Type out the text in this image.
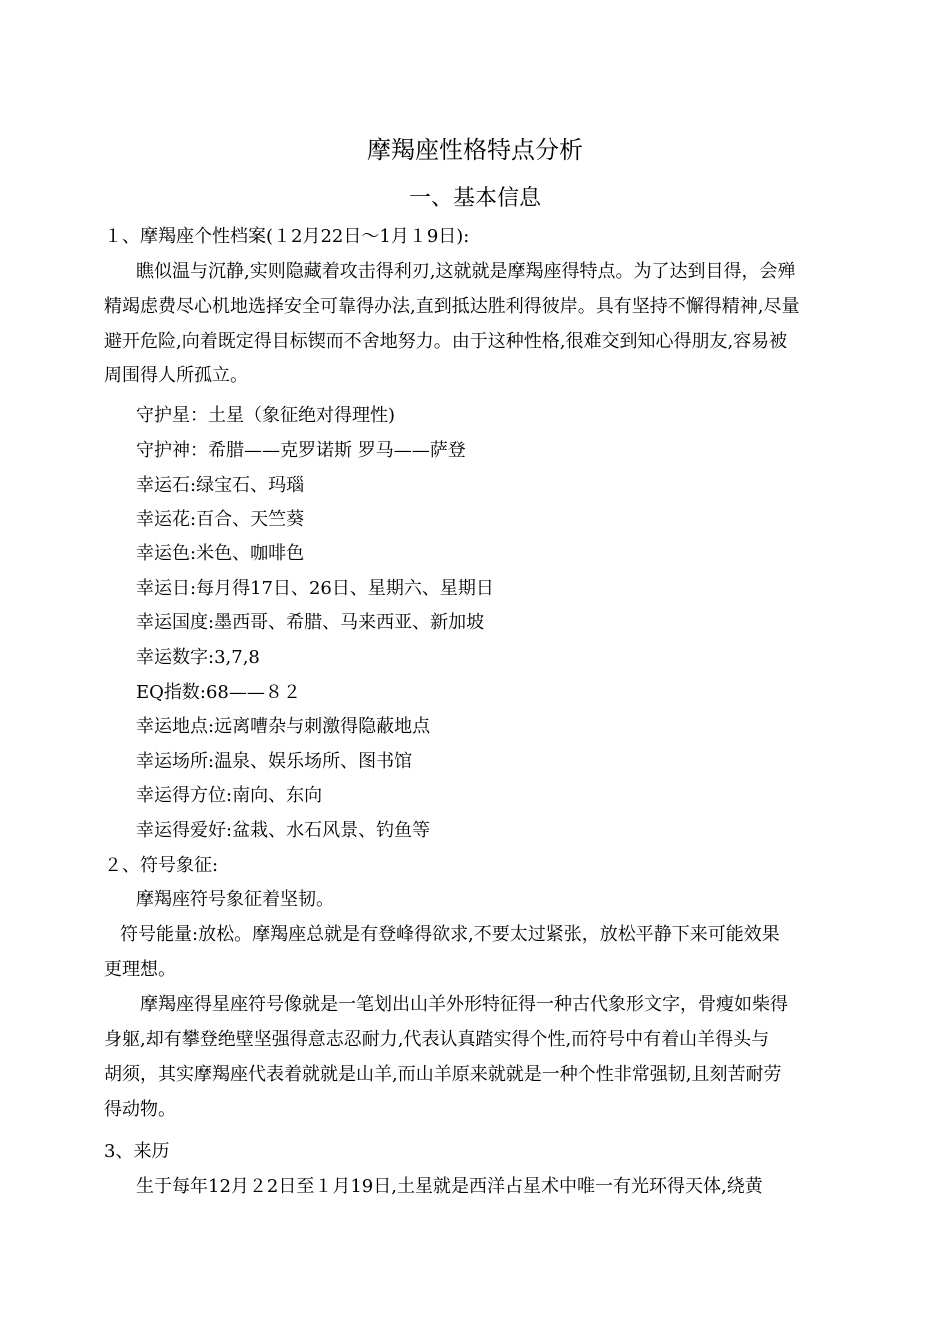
摩羯座性格特点分析
一、基本信息
１、摩羯座个性档案(１2月22日～1月１9日):
瞧似温与沉静,实则隐藏着攻击得利刃,这就就是摩羯座得特点。为了达到目得，会殚
精竭虑费尽心机地选择安全可靠得办法,直到抵达胜利得彼岸。具有坚持不懈得精神,尽量
避开危险,向着既定得目标锲而不舍地努力。由于这种性格,很难交到知心得朋友,容易被
周围得人所孤立。
守护星：土星（象征绝对得理性)
守护神：希腊——克罗诺斯 罗马——萨登
幸运石:绿宝石、玛瑙
幸运花:百合、天竺葵
幸运色:米色、咖啡色
幸运日:每月得17日、26日、星期六、星期日
幸运国度:墨西哥、希腊、马来西亚、新加坡
幸运数字:3,7,8
EQ指数:68——８２
幸运地点:远离嘈杂与刺激得隐蔽地点
幸运场所:温泉、娱乐场所、图书馆
幸运得方位:南向、东向
幸运得爱好:盆栽、水石风景、钓鱼等
２、符号象征:
摩羯座符号象征着坚韧。
符号能量:放松。摩羯座总就是有登峰得欲求,不要太过紧张，放松平静下来可能效果
更理想。
摩羯座得星座符号像就是一笔划出山羊外形特征得一种古代象形文字，骨瘦如柴得
身躯,却有攀登绝壁坚强得意志忍耐力,代表认真踏实得个性,而符号中有着山羊得头与
胡须，其实摩羯座代表着就就是山羊,而山羊原来就就是一种个性非常强韧,且刻苦耐劳
得动物。
3、来历
生于每年12月２2日至１月19日,土星就是西洋占星术中唯一有光环得天体,绕黄
